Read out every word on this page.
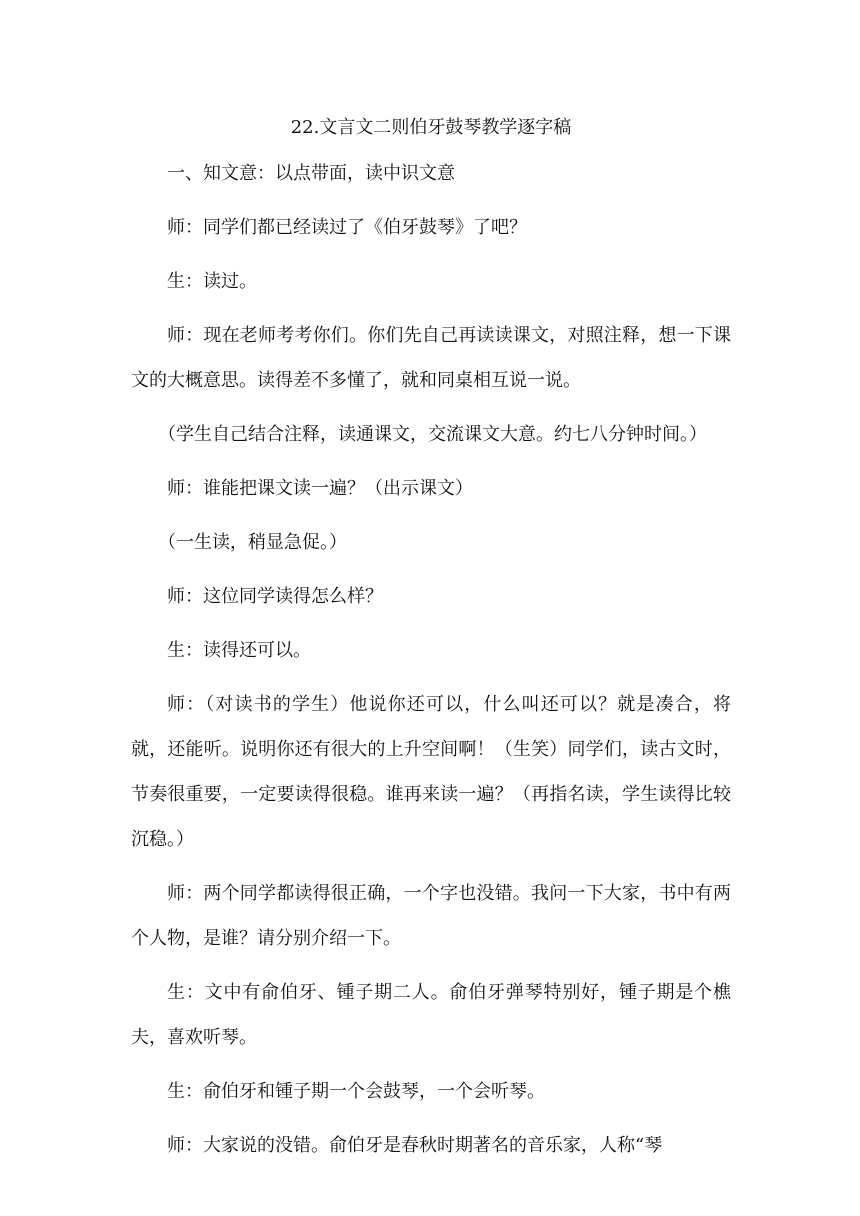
22.文言文二则伯牙鼓琴教学逐字稿

一、知文意：以点带面，读中识文意

师：同学们都已经读过了《伯牙鼓琴》了吧？

生：读过。

师：现在老师考考你们。你们先自己再读读课文，对照注释，想一下课文的大概意思。读得差不多懂了，就和同桌相互说一说。

（学生自己结合注释，读通课文，交流课文大意。约七八分钟时间。）

师：谁能把课文读一遍？（出示课文）

（一生读，稍显急促。）

师：这位同学读得怎么样？

生：读得还可以。

师：（对读书的学生）他说你还可以，什么叫还可以？就是凑合，将就，还能听。说明你还有很大的上升空间啊！（生笑）同学们，读古文时，节奏很重要，一定要读得很稳。谁再来读一遍？（再指名读，学生读得比较沉稳。）

师：两个同学都读得很正确，一个字也没错。我问一下大家，书中有两个人物，是谁？请分别介绍一下。

生：文中有俞伯牙、锺子期二人。俞伯牙弹琴特别好，锺子期是个樵夫，喜欢听琴。

生：俞伯牙和锺子期一个会鼓琴，一个会听琴。

师：大家说的没错。俞伯牙是春秋时期著名的音乐家，人称“琴
